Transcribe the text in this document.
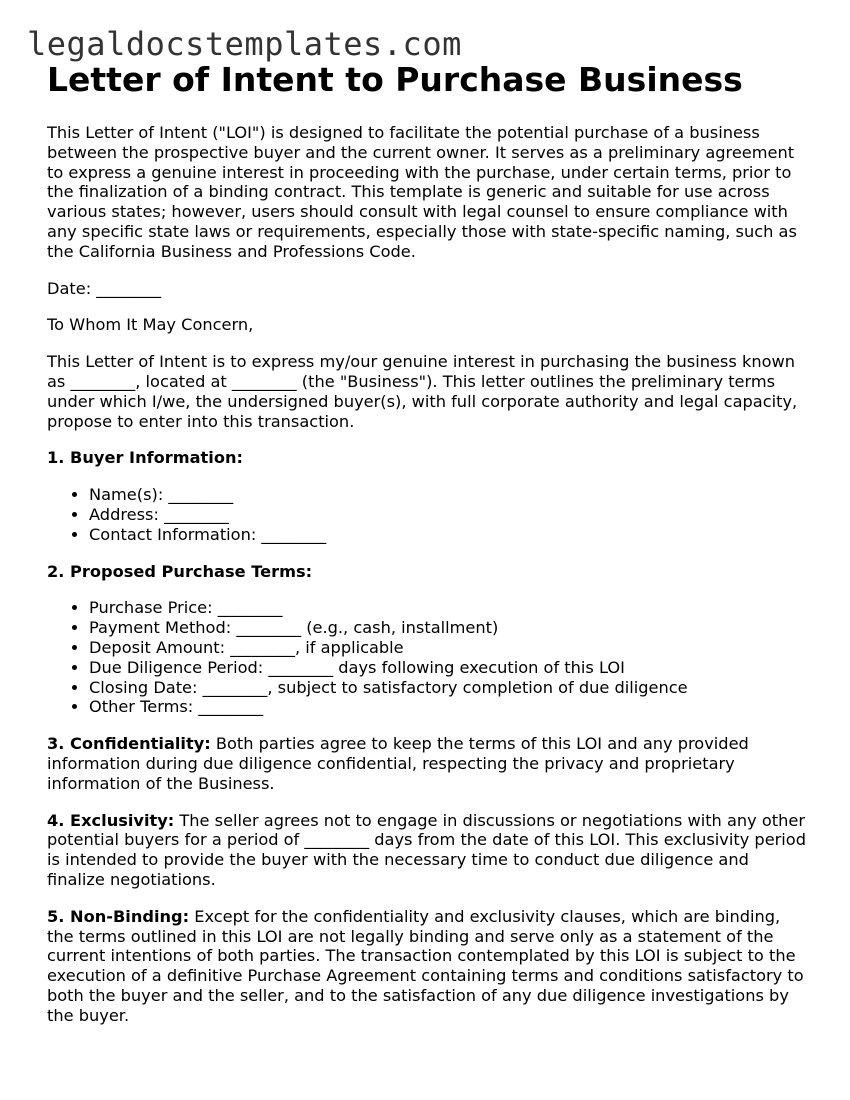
legaldocstemplates.com
Letter of Intent to Purchase Business

This Letter of Intent ("LOI") is designed to facilitate the potential purchase of a business between the prospective buyer and the current owner. It serves as a preliminary agreement to express a genuine interest in proceeding with the purchase, under certain terms, prior to the finalization of a binding contract. This template is generic and suitable for use across various states; however, users should consult with legal counsel to ensure compliance with any specific state laws or requirements, especially those with state-specific naming, such as the California Business and Professions Code.

Date: ________

To Whom It May Concern,

This Letter of Intent is to express my/our genuine interest in purchasing the business known as ________, located at ________ (the "Business"). This letter outlines the preliminary terms under which I/we, the undersigned buyer(s), with full corporate authority and legal capacity, propose to enter into this transaction.

1. Buyer Information:

• Name(s): ________
• Address: ________
• Contact Information: ________

2. Proposed Purchase Terms:

• Purchase Price: ________
• Payment Method: ________ (e.g., cash, installment)
• Deposit Amount: ________, if applicable
• Due Diligence Period: ________ days following execution of this LOI
• Closing Date: ________, subject to satisfactory completion of due diligence
• Other Terms: ________

3. Confidentiality: Both parties agree to keep the terms of this LOI and any provided information during due diligence confidential, respecting the privacy and proprietary information of the Business.

4. Exclusivity: The seller agrees not to engage in discussions or negotiations with any other potential buyers for a period of ________ days from the date of this LOI. This exclusivity period is intended to provide the buyer with the necessary time to conduct due diligence and finalize negotiations.

5. Non-Binding: Except for the confidentiality and exclusivity clauses, which are binding, the terms outlined in this LOI are not legally binding and serve only as a statement of the current intentions of both parties. The transaction contemplated by this LOI is subject to the execution of a definitive Purchase Agreement containing terms and conditions satisfactory to both the buyer and the seller, and to the satisfaction of any due diligence investigations by the buyer.
